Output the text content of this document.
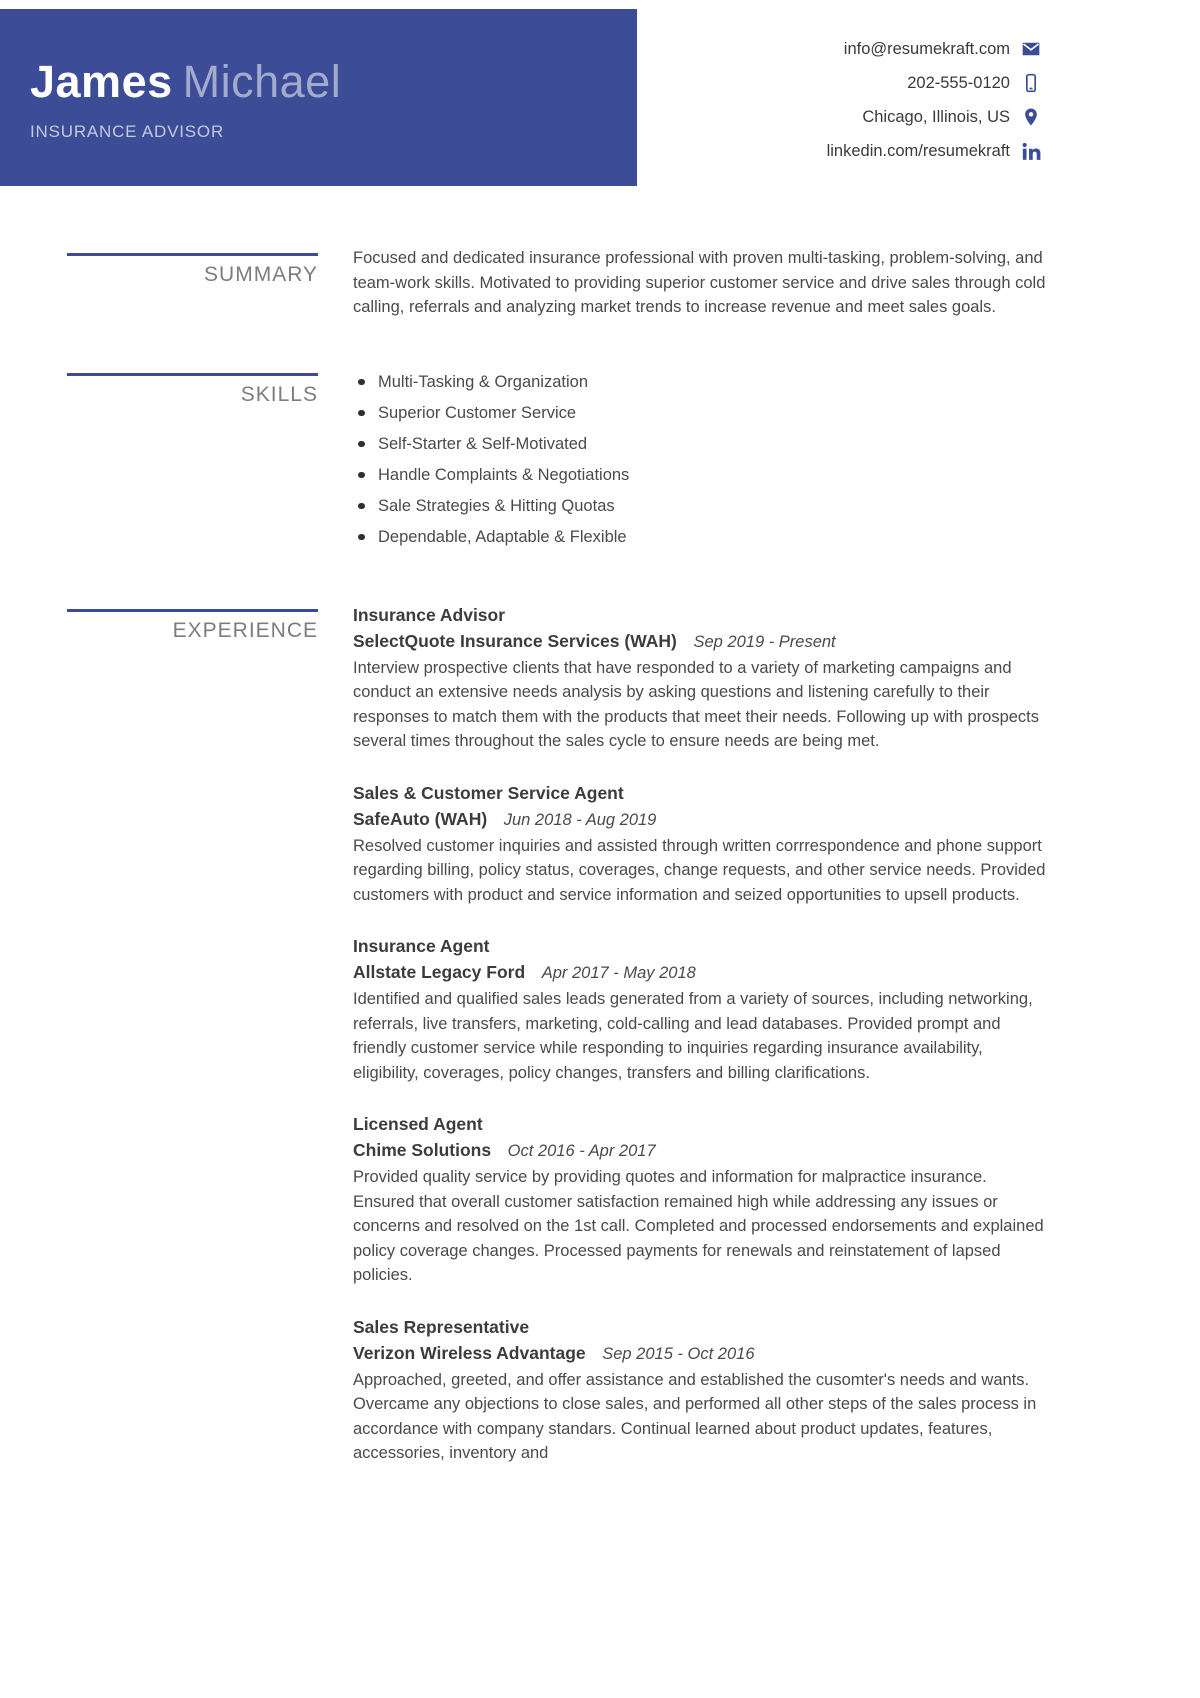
James Michael
INSURANCE ADVISOR
info@resumekraft.com
202-555-0120
Chicago, Illinois, US
linkedin.com/resumekraft
SUMMARY
Focused and dedicated insurance professional with proven multi-tasking, problem-solving, and team-work skills. Motivated to providing superior customer service and drive sales through cold calling, referrals and analyzing market trends to increase revenue and meet sales goals.
SKILLS
Multi-Tasking & Organization
Superior Customer Service
Self-Starter & Self-Motivated
Handle Complaints & Negotiations
Sale Strategies & Hitting Quotas
Dependable, Adaptable & Flexible
EXPERIENCE
Insurance Advisor
SelectQuote Insurance Services (WAH) Sep 2019 - Present
Interview prospective clients that have responded to a variety of marketing campaigns and conduct an extensive needs analysis by asking questions and listening carefully to their responses to match them with the products that meet their needs. Following up with prospects several times throughout the sales cycle to ensure needs are being met.
Sales & Customer Service Agent
SafeAuto (WAH) Jun 2018 - Aug 2019
Resolved customer inquiries and assisted through written corrrespondence and phone support regarding billing, policy status, coverages, change requests, and other service needs. Provided customers with product and service information and seized opportunities to upsell products.
Insurance Agent
Allstate Legacy Ford Apr 2017 - May 2018
Identified and qualified sales leads generated from a variety of sources, including networking, referrals, live transfers, marketing, cold-calling and lead databases. Provided prompt and friendly customer service while responding to inquiries regarding insurance availability, eligibility, coverages, policy changes, transfers and billing clarifications.
Licensed Agent
Chime Solutions Oct 2016 - Apr 2017
Provided quality service by providing quotes and information for malpractice insurance. Ensured that overall customer satisfaction remained high while addressing any issues or concerns and resolved on the 1st call. Completed and processed endorsements and explained policy coverage changes. Processed payments for renewals and reinstatement of lapsed policies.
Sales Representative
Verizon Wireless Advantage Sep 2015 - Oct 2016
Approached, greeted, and offer assistance and established the cusomter's needs and wants. Overcame any objections to close sales, and performed all other steps of the sales process in accordance with company standars. Continual learned about product updates, features, accessories, inventory and
